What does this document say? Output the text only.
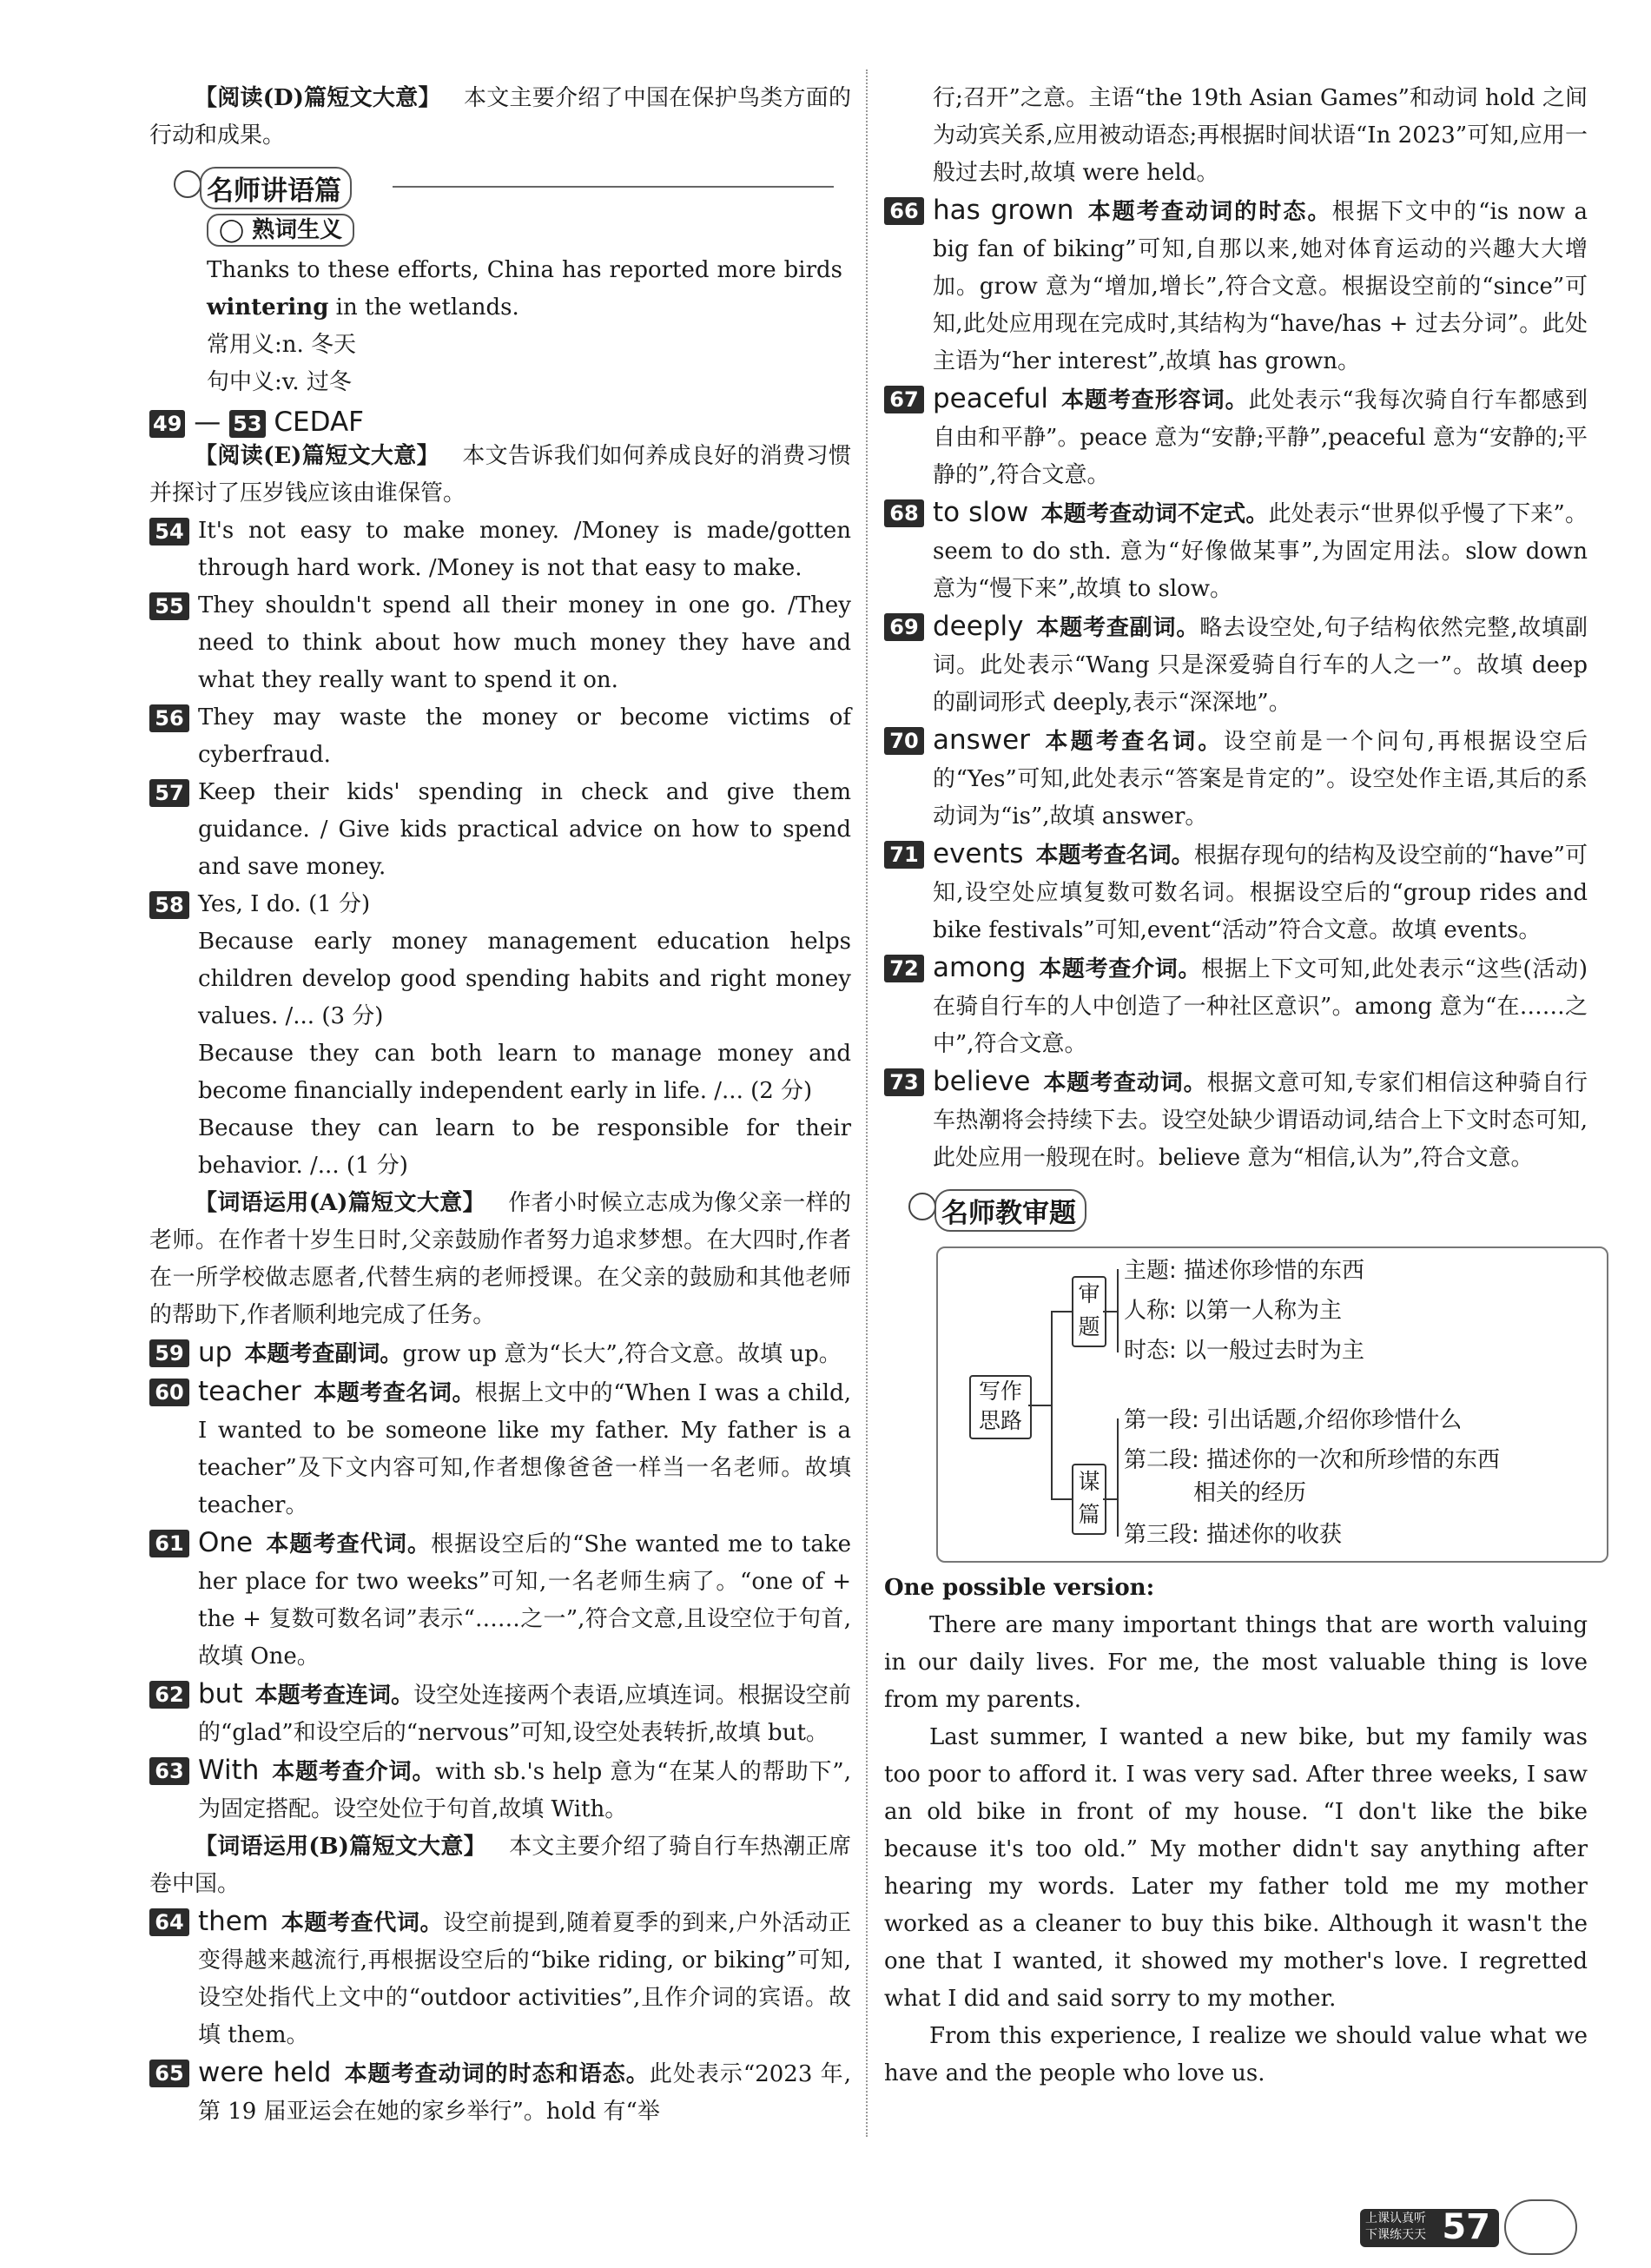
【阅读(D)篇短文大意】  本文主要介绍了中国在保护鸟类方面的行动和成果。

名师讲语篇
◯ 熟词生义

Thanks to these efforts, China has reported more birds wintering in the wetlands.

常用义:n. 冬天

句中义:v. 过冬

49 — 53 CEDAF

【阅读(E)篇短文大意】  本文告诉我们如何养成良好的消费习惯并探讨了压岁钱应该由谁保管。

54 It's not easy to make money. /Money is made/gotten through hard work. /Money is not that easy to make.
55 They shouldn't spend all their money in one go. /They need to think about how much money they have and what they really want to spend it on.
56 They may waste the money or become victims of cyberfraud.
57 Keep their kids' spending in check and give them guidance. / Give kids practical advice on how to spend and save money.
58 Yes, I do. (1 分)

Because early money management education helps children develop good spending habits and right money values. /... (3 分)

Because they can both learn to manage money and become financially independent early in life. /... (2 分)

Because they can learn to be responsible for their behavior. /... (1 分)

【词语运用(A)篇短文大意】  作者小时候立志成为像父亲一样的老师。在作者十岁生日时,父亲鼓励作者努力追求梦想。在大四时,作者在一所学校做志愿者,代替生病的老师授课。在父亲的鼓励和其他老师的帮助下,作者顺利地完成了任务。

59 up 本题考查副词。grow up 意为“长大”,符合文意。故填 up。
60 teacher 本题考查名词。根据上文中的“When I was a child, I wanted to be someone like my father. My father is a teacher”及下文内容可知,作者想像爸爸一样当一名老师。故填 teacher。
61 One 本题考查代词。根据设空后的“She wanted me to take her place for two weeks”可知,一名老师生病了。“one of + the + 复数可数名词”表示“……之一”,符合文意,且设空位于句首,故填 One。
62 but 本题考查连词。设空处连接两个表语,应填连词。根据设空前的“glad”和设空后的“nervous”可知,设空处表转折,故填 but。
63 With 本题考查介词。with sb.'s help 意为“在某人的帮助下”,为固定搭配。设空处位于句首,故填 With。

【词语运用(B)篇短文大意】  本文主要介绍了骑自行车热潮正席卷中国。

64 them 本题考查代词。设空前提到,随着夏季的到来,户外活动正变得越来越流行,再根据设空后的“bike riding, or biking”可知,设空处指代上文中的“outdoor activities”,且作介词的宾语。故填 them。
65 were held 本题考查动词的时态和语态。此处表示“2023 年,第 19 届亚运会在她的家乡举行”。hold 有“举

行;召开”之意。主语“the 19th Asian Games”和动词 hold 之间为动宾关系,应用被动语态;再根据时间状语“In 2023”可知,应用一般过去时,故填 were held。

66 has grown 本题考查动词的时态。根据下文中的“is now a big fan of biking”可知,自那以来,她对体育运动的兴趣大大增加。grow 意为“增加,增长”,符合文意。根据设空前的“since”可知,此处应用现在完成时,其结构为“have/has + 过去分词”。此处主语为“her interest”,故填 has grown。
67 peaceful 本题考查形容词。此处表示“我每次骑自行车都感到自由和平静”。peace 意为“安静;平静”,peaceful 意为“安静的;平静的”,符合文意。
68 to slow 本题考查动词不定式。此处表示“世界似乎慢了下来”。seem to do sth. 意为“好像做某事”,为固定用法。slow down 意为“慢下来”,故填 to slow。
69 deeply 本题考查副词。略去设空处,句子结构依然完整,故填副词。此处表示“Wang 只是深爱骑自行车的人之一”。故填 deep 的副词形式 deeply,表示“深深地”。
70 answer 本题考查名词。设空前是一个问句,再根据设空后的“Yes”可知,此处表示“答案是肯定的”。设空处作主语,其后的系动词为“is”,故填 answer。
71 events 本题考查名词。根据存现句的结构及设空前的“have”可知,设空处应填复数可数名词。根据设空后的“group rides and bike festivals”可知,event“活动”符合文意。故填 events。
72 among 本题考查介词。根据上下文可知,此处表示“这些(活动)在骑自行车的人中创造了一种社区意识”。among 意为“在……之中”,符合文意。
73 believe 本题考查动词。根据文意可知,专家们相信这种骑自行车热潮将会持续下去。设空处缺少谓语动词,结合上下文时态可知,此处应用一般现在时。believe 意为“相信,认为”,符合文意。
名师教审题
写作思路
审题
谋篇
主题: 描述你珍惜的东西
人称: 以第一人称为主
时态: 以一般过去时为主
第一段: 引出话题,介绍你珍惜什么
第二段: 描述你的一次和所珍惜的东西
相关的经历
第三段: 描述你的收获

One possible version:

There are many important things that are worth valuing in our daily lives. For me, the most valuable thing is love from my parents.

Last summer, I wanted a new bike, but my family was too poor to afford it. I was very sad. After three weeks, I saw an old bike in front of my house. “I don't like the bike because it's too old.” My mother didn't say anything after hearing my words. Later my father told me my mother worked as a cleaner to buy this bike. Although it wasn't the one that I wanted, it showed my mother's love. I regretted what I did and said sorry to my mother.

From this experience, I realize we should value what we have and the people who love us.

上课认真听
下课练天天 57
